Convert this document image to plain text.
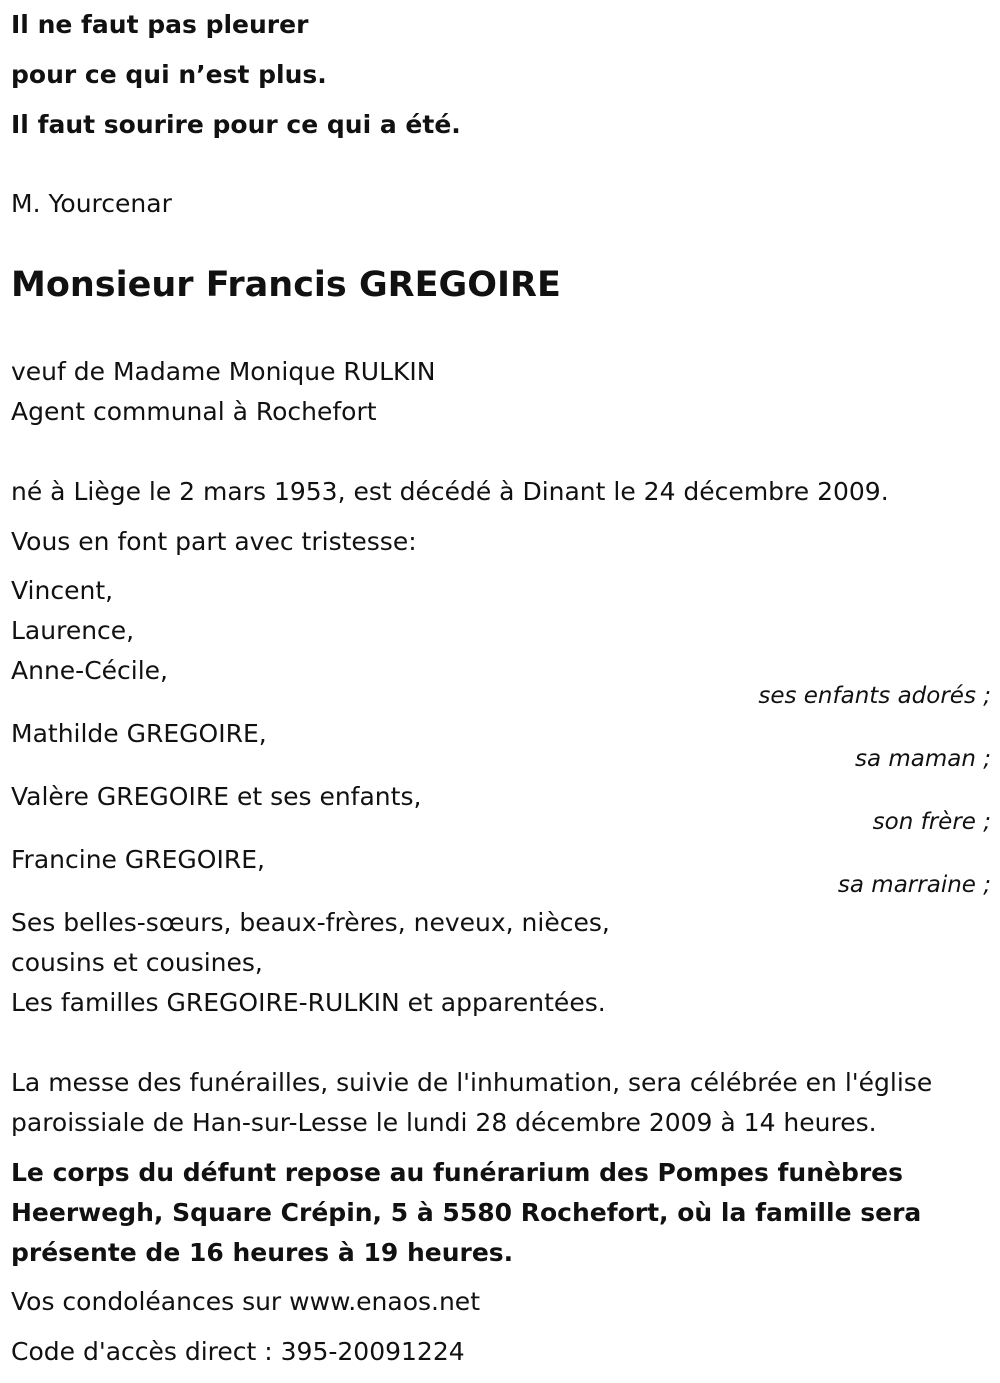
Il ne faut pas pleurer
pour ce qui n’est plus.
Il faut sourire pour ce qui a été.
M. Yourcenar
Monsieur Francis GREGOIRE
veuf de Madame Monique RULKIN
Agent communal à Rochefort
né à Liège le 2 mars 1953, est décédé à Dinant le 24 décembre 2009.
Vous en font part avec tristesse:
Vincent,
Laurence,
Anne-Cécile,
ses enfants adorés ;
Mathilde GREGOIRE,
sa maman ;
Valère GREGOIRE et ses enfants,
son frère ;
Francine GREGOIRE,
sa marraine ;
Ses belles-sœurs, beaux-frères, neveux, nièces,
cousins et cousines,
Les familles GREGOIRE-RULKIN et apparentées.
La messe des funérailles, suivie de l'inhumation, sera célébrée en l'église
paroissiale de Han-sur-Lesse le lundi 28 décembre 2009 à 14 heures.
Le corps du défunt repose au funérarium des Pompes funèbres
Heerwegh, Square Crépin, 5 à 5580 Rochefort, où la famille sera
présente de 16 heures à 19 heures.
Vos condoléances sur www.enaos.net
Code d'accès direct : 395-20091224
